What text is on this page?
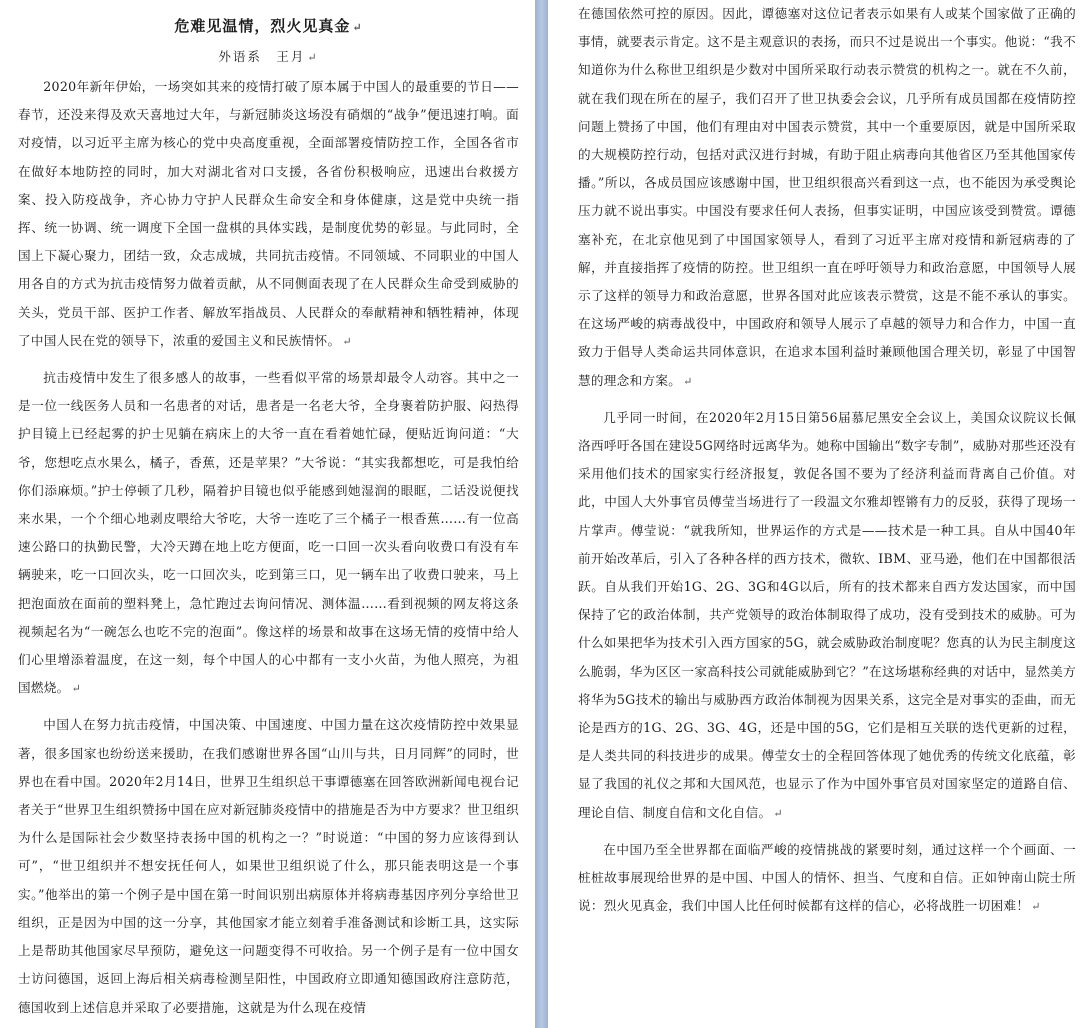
危难见温情，烈火见真金 ↵
外语系　王月 ↵

2020年新年伊始，一场突如其来的疫情打破了原本属于中国人的最重要的节日——春节，还没来得及欢天喜地过大年，与新冠肺炎这场没有硝烟的“战争”便迅速打响。面对疫情，以习近平主席为核心的党中央高度重视，全面部署疫情防控工作，全国各省市在做好本地防控的同时，加大对湖北省对口支援，各省份积极响应，迅速出台救援方案、投入防疫战争，齐心协力守护人民群众生命安全和身体健康，这是党中央统一指挥、统一协调、统一调度下全国一盘棋的具体实践，是制度优势的彰显。与此同时，全国上下凝心聚力，团结一致，众志成城，共同抗击疫情。不同领域、不同职业的中国人用各自的方式为抗击疫情努力做着贡献，从不同侧面表现了在人民群众生命受到威胁的关头，党员干部、医护工作者、解放军指战员、人民群众的奉献精神和牺牲精神，体现了中国人民在党的领导下，浓重的爱国主义和民族情怀。 ↵

抗击疫情中发生了很多感人的故事，一些看似平常的场景却最令人动容。其中之一是一位一线医务人员和一名患者的对话，患者是一名老大爷，全身裹着防护服、闷热得护目镜上已经起雾的护士见躺在病床上的大爷一直在看着她忙碌，便贴近询问道：“大爷，您想吃点水果么，橘子，香蕉，还是苹果？”大爷说：“其实我都想吃，可是我怕给你们添麻烦。”护士停顿了几秒，隔着护目镜也似乎能感到她湿润的眼眶，二话没说便找来水果，一个个细心地剥皮喂给大爷吃，大爷一连吃了三个橘子一根香蕉……有一位高速公路口的执勤民警，大冷天蹲在地上吃方便面，吃一口回一次头看向收费口有没有车辆驶来，吃一口回次头，吃一口回次头，吃到第三口，见一辆车出了收费口驶来，马上把泡面放在面前的塑料凳上，急忙跑过去询问情况、测体温……看到视频的网友将这条视频起名为“一碗怎么也吃不完的泡面”。像这样的场景和故事在这场无情的疫情中给人们心里增添着温度，在这一刻，每个中国人的心中都有一支小火苗，为他人照亮，为祖国燃烧。 ↵

中国人在努力抗击疫情，中国决策、中国速度、中国力量在这次疫情防控中效果显著，很多国家也纷纷送来援助，在我们感谢世界各国“山川与共，日月同辉”的同时，世界也在看中国。2020年2月14日，世界卫生组织总干事谭德塞在回答欧洲新闻电视台记者关于“世界卫生组织赞扬中国在应对新冠肺炎疫情中的措施是否为中方要求？世卫组织为什么是国际社会少数坚持表扬中国的机构之一？”时说道：“中国的努力应该得到认可”，“世卫组织并不想安抚任何人，如果世卫组织说了什么，那只能表明这是一个事实。”他举出的第一个例子是中国在第一时间识别出病原体并将病毒基因序列分享给世卫组织，正是因为中国的这一分享，其他国家才能立刻着手准备测试和诊断工具，这实际上是帮助其他国家尽早预防，避免这一问题变得不可收拾。另一个例子是有一位中国女士访问德国，返回上海后相关病毒检测呈阳性，中国政府立即通知德国政府注意防范，德国收到上述信息并采取了必要措施，这就是为什么现在疫情

在德国依然可控的原因。因此，谭德塞对这位记者表示如果有人或某个国家做了正确的事情，就要表示肯定。这不是主观意识的表扬，而只不过是说出一个事实。他说：“我不知道你为什么称世卫组织是少数对中国所采取行动表示赞赏的机构之一。就在不久前，就在我们现在所在的屋子，我们召开了世卫执委会会议，几乎所有成员国都在疫情防控问题上赞扬了中国，他们有理由对中国表示赞赏，其中一个重要原因，就是中国所采取的大规模防控行动，包括对武汉进行封城，有助于阻止病毒向其他省区乃至其他国家传播。”所以，各成员国应该感谢中国，世卫组织很高兴看到这一点，也不能因为承受舆论压力就不说出事实。中国没有要求任何人表扬，但事实证明，中国应该受到赞赏。谭德塞补充，在北京他见到了中国国家领导人，看到了习近平主席对疫情和新冠病毒的了解，并直接指挥了疫情的防控。世卫组织一直在呼吁领导力和政治意愿，中国领导人展示了这样的领导力和政治意愿，世界各国对此应该表示赞赏，这是不能不承认的事实。在这场严峻的病毒战役中，中国政府和领导人展示了卓越的领导力和合作力，中国一直致力于倡导人类命运共同体意识，在追求本国利益时兼顾他国合理关切，彰显了中国智慧的理念和方案。 ↵

几乎同一时间，在2020年2月15日第56届慕尼黑安全会议上，美国众议院议长佩洛西呼吁各国在建设5G网络时远离华为。她称中国输出“数字专制”，威胁对那些还没有采用他们技术的国家实行经济报复，敦促各国不要为了经济利益而背离自己价值。对此，中国人大外事官员傅莹当场进行了一段温文尔雅却铿锵有力的反驳，获得了现场一片掌声。傅莹说：“就我所知，世界运作的方式是——技术是一种工具。自从中国40年前开始改革后，引入了各种各样的西方技术，微软、IBM、亚马逊，他们在中国都很活跃。自从我们开始1G、2G、3G和4G以后，所有的技术都来自西方发达国家，而中国保持了它的政治体制，共产党领导的政治体制取得了成功，没有受到技术的威胁。可为什么如果把华为技术引入西方国家的5G，就会威胁政治制度呢？您真的认为民主制度这么脆弱，华为区区一家高科技公司就能威胁到它？”在这场堪称经典的对话中，显然美方将华为5G技术的输出与威胁西方政治体制视为因果关系，这完全是对事实的歪曲，而无论是西方的1G、2G、3G、4G，还是中国的5G，它们是相互关联的迭代更新的过程，是人类共同的科技进步的成果。傅莹女士的全程回答体现了她优秀的传统文化底蕴，彰显了我国的礼仪之邦和大国风范，也显示了作为中国外事官员对国家坚定的道路自信、理论自信、制度自信和文化自信。 ↵

在中国乃至全世界都在面临严峻的疫情挑战的紧要时刻，通过这样一个个画面、一桩桩故事展现给世界的是中国、中国人的情怀、担当、气度和自信。正如钟南山院士所说：烈火见真金，我们中国人比任何时候都有这样的信心，必将战胜一切困难！ ↵
